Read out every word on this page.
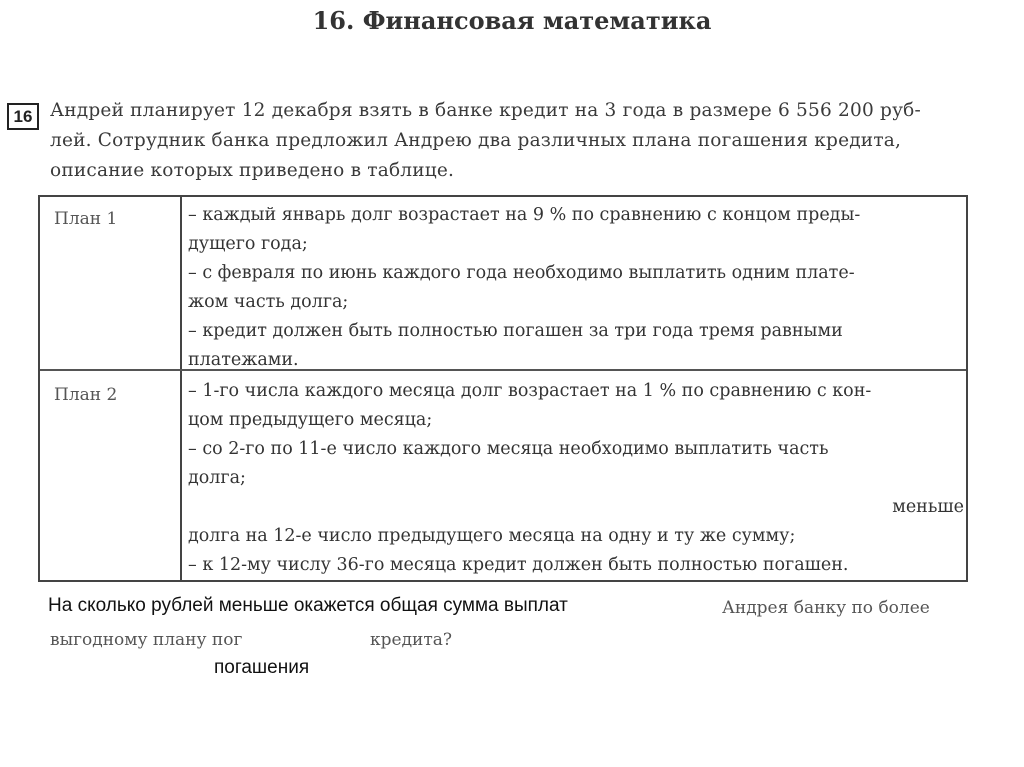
16. Финансовая математика
16 Андрей планирует 12 декабря взять в банке кредит на 3 года в размере 6 556 200 руб-
лей. Сотрудник банка предложил Андрею два различных плана погашения кредита,
описание которых приведено в таблице.
План 1	– каждый январь долг возрастает на 9 % по сравнению с концом преды-
дущего года;
– с февраля по июнь каждого года необходимо выплатить одним плате-
жом часть долга;
– кредит должен быть полностью погашен за три года тремя равными
платежами.
План 2	– 1-го числа каждого месяца долг возрастает на 1 % по сравнению с кон-
цом предыдущего месяца;
– со 2-го по 11-е число каждого месяца необходимо выплатить часть
долга;
меньше
долга на 12-е число предыдущего месяца на одну и ту же сумму;
– к 12-му числу 36-го месяца кредит должен быть полностью погашен.
На сколько рублей меньше окажется общая сумма выплат	Андрея банку по более
выгодному плану пог	кредита?
погашения
